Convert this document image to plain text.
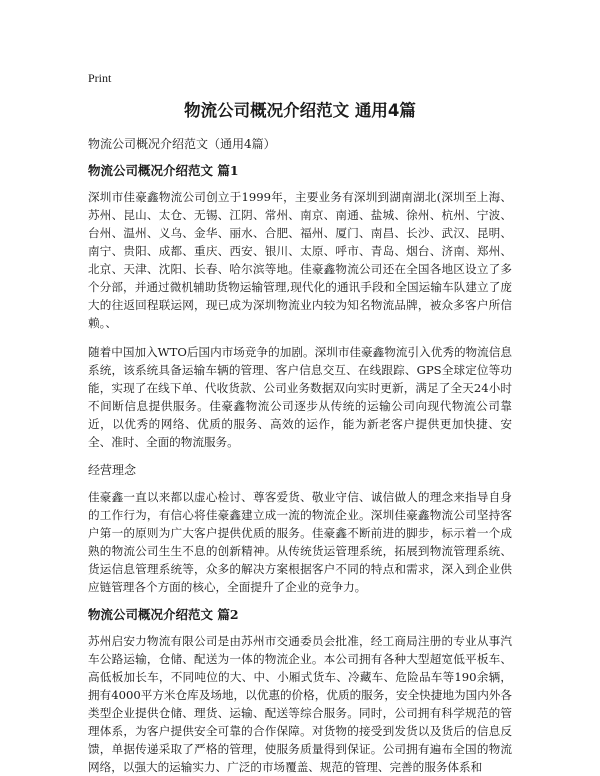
Print
物流公司概况介绍范文 通用4篇
物流公司概况介绍范文（通用4篇）
物流公司概况介绍范文 篇1

深圳市佳豪鑫物流公司创立于1999年，主要业务有深圳到湖南湖北(深圳至上海、苏州、昆山、太仓、无锡、江阴、常州、南京、南通、盐城、徐州、杭州、宁波、台州、温州、义乌、金华、丽水、合肥、福州、厦门、南昌、长沙、武汉、昆明、南宁、贵阳、成都、重庆、西安、银川、太原、呼市、青岛、烟台、济南、郑州、北京、天津、沈阳、长春、哈尔滨等地。佳豪鑫物流公司还在全国各地区设立了多个分部，并通过微机辅助货物运输管理,现代化的通讯手段和全国运输车队建立了庞大的往返回程联运网，现已成为深圳物流业内较为知名物流品牌，被众多客户所信赖。、

随着中国加入WTO后国内市场竞争的加剧。深圳市佳豪鑫物流引入优秀的物流信息系统，该系统具备运输车辆的管理、客户信息交互、在线跟踪、GPS全球定位等功能，实现了在线下单、代收货款、公司业务数据双向实时更新，满足了全天24小时不间断信息提供服务。佳豪鑫物流公司逐步从传统的运输公司向现代物流公司靠近，以优秀的网络、优质的服务、高效的运作，能为新老客户提供更加快捷、安全、准时、全面的物流服务。

经营理念

佳豪鑫一直以来都以虚心检讨、尊客爱货、敬业守信、诚信做人的理念来指导自身的工作行为，有信心将佳豪鑫建立成一流的物流企业。深圳佳豪鑫物流公司坚持客户第一的原则为广大客户提供优质的服务。佳豪鑫不断前进的脚步，标示着一个成熟的物流公司生生不息的创新精神。从传统货运管理系统，拓展到物流管理系统、货运信息管理系统等，众多的解决方案根据客户不同的特点和需求，深入到企业供应链管理各个方面的核心，全面提升了企业的竞争力。

物流公司概况介绍范文 篇2

苏州启安力物流有限公司是由苏州市交通委员会批准，经工商局注册的专业从事汽车公路运输，仓储、配送为一体的物流企业。本公司拥有各种大型超宽低平板车、高低板加长车，不同吨位的大、中、小厢式货车、冷藏车、危险品车等190余辆，拥有4000平方米仓库及场地，以优惠的价格，优质的服务，安全快捷地为国内外各类型企业提供仓储、理货、运输、配送等综合服务。同时，公司拥有科学规范的管理体系，为客户提供安全可靠的合作保障。对货物的接受到发货以及货后的信息反馈，单据传递采取了严格的管理，使服务质量得到保证。公司拥有遍布全国的物流网络，以强大的运输实力、广泛的市场覆盖、规范的管理、完善的服务体系和
